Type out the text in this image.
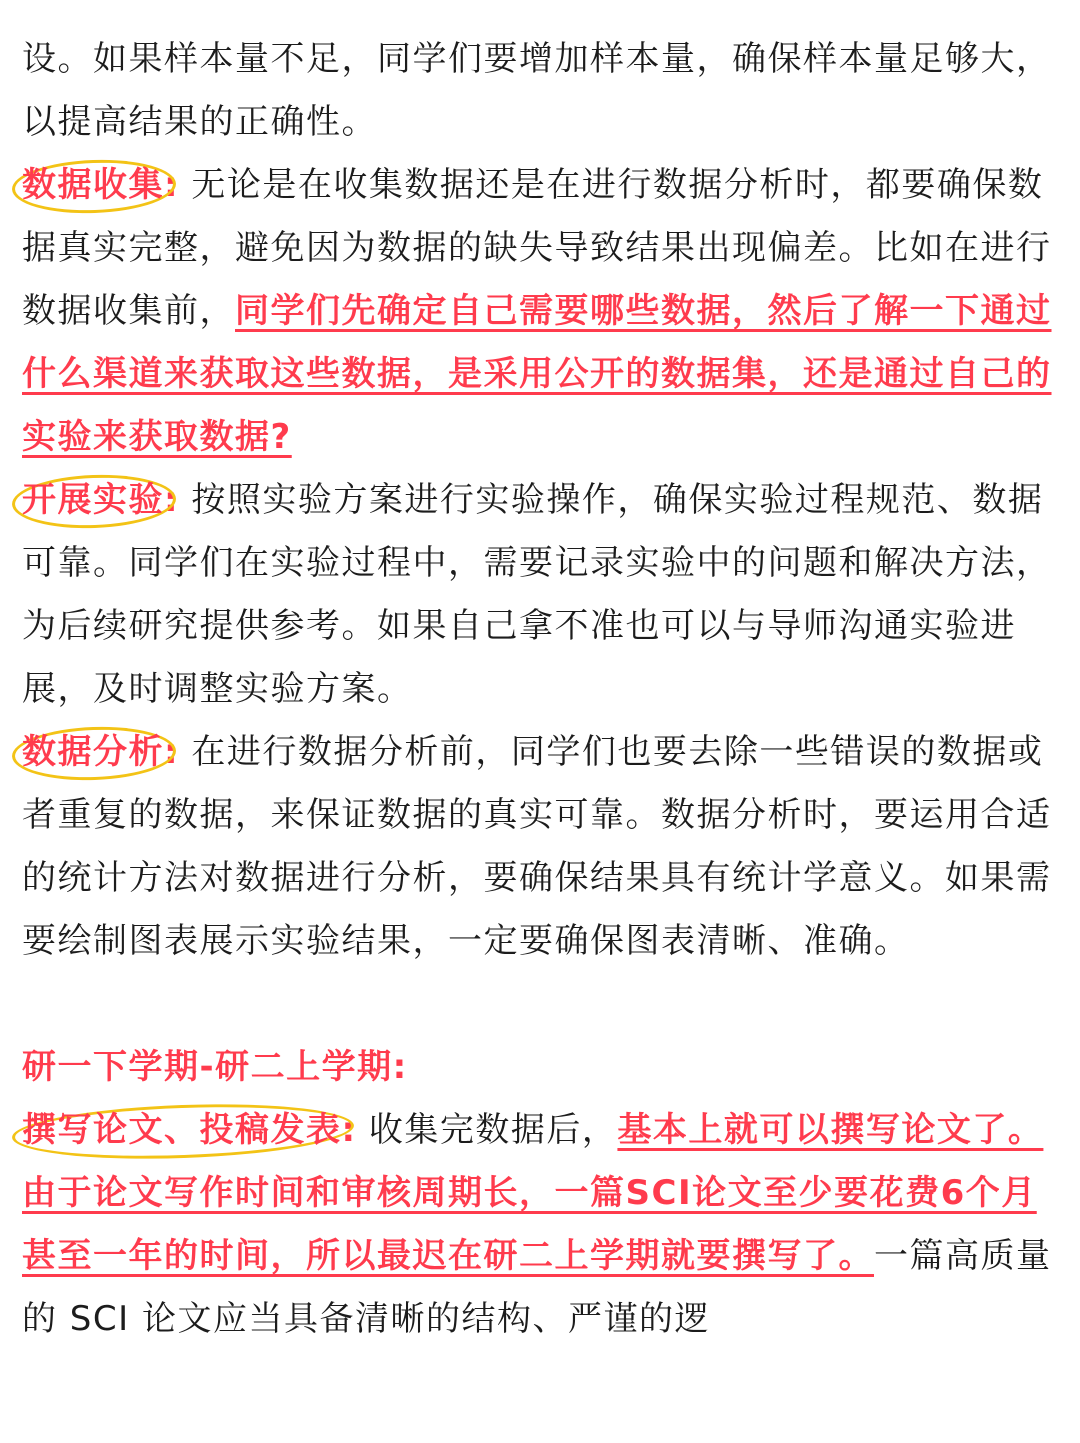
设。如果样本量不足，同学们要增加样本量，确保样本量足够大，以提高结果的正确性。

数据收集: 无论是在收集数据还是在进行数据分析时，都要确保数据真实完整，避免因为数据的缺失导致结果出现偏差。比如在进行数据收集前，同学们先确定自己需要哪些数据，然后了解一下通过什么渠道来获取这些数据，是采用公开的数据集，还是通过自己的实验来获取数据?

开展实验: 按照实验方案进行实验操作，确保实验过程规范、数据可靠。同学们在实验过程中，需要记录实验中的问题和解决方法，为后续研究提供参考。如果自己拿不准也可以与导师沟通实验进展，及时调整实验方案。

数据分析: 在进行数据分析前，同学们也要去除一些错误的数据或者重复的数据，来保证数据的真实可靠。数据分析时，要运用合适的统计方法对数据进行分析，要确保结果具有统计学意义。如果需要绘制图表展示实验结果，一定要确保图表清晰、准确。

研一下学期-研二上学期:

撰写论文、投稿发表: 收集完数据后，基本上就可以撰写论文了。由于论文写作时间和审核周期长，一篇SCI论文至少要花费6个月甚至一年的时间，所以最迟在研二上学期就要撰写了。一篇高质量的 SCI 论文应当具备清晰的结构、严谨的逻
